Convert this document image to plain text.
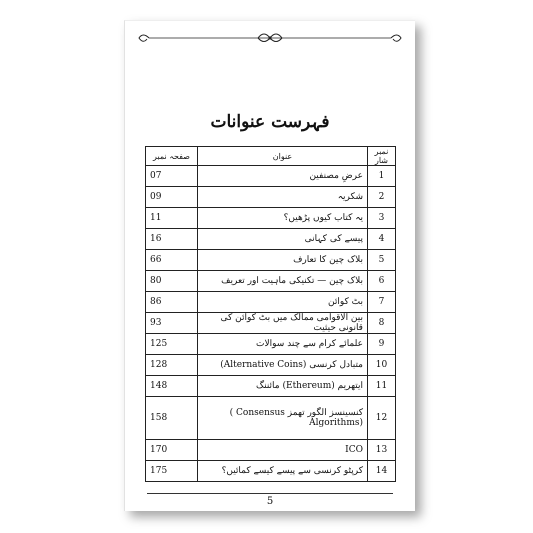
فہرست عنوانات
نمبر شار	عنوان	صفحہ نمبر
1	عرضِ مصنفین	07
2	شکریہ	09
3	یہ کتاب کیوں پڑھیں؟	11
4	پیسے کی کہانی	16
5	بلاک چین کا تعارف	66
6	بلاک چین — تکنیکی ماہیت اور تعریف	80
7	بٹ کوائن	86
8	بین الاقوامی ممالک میں بٹ کوائن کی قانونی حیثیت	93
9	علمائے کرام سے چند سوالات	125
10	متبادل کرنسی (Alternative Coins)	128
11	ایتھریم (Ethereum) مائننگ	148
12	کنسینسز الگور تھمز ( Consensus Algorithms)	158
13	ICO	170
14	کرپٹو کرنسی سے پیسے کیسے کمائیں؟	175
5
